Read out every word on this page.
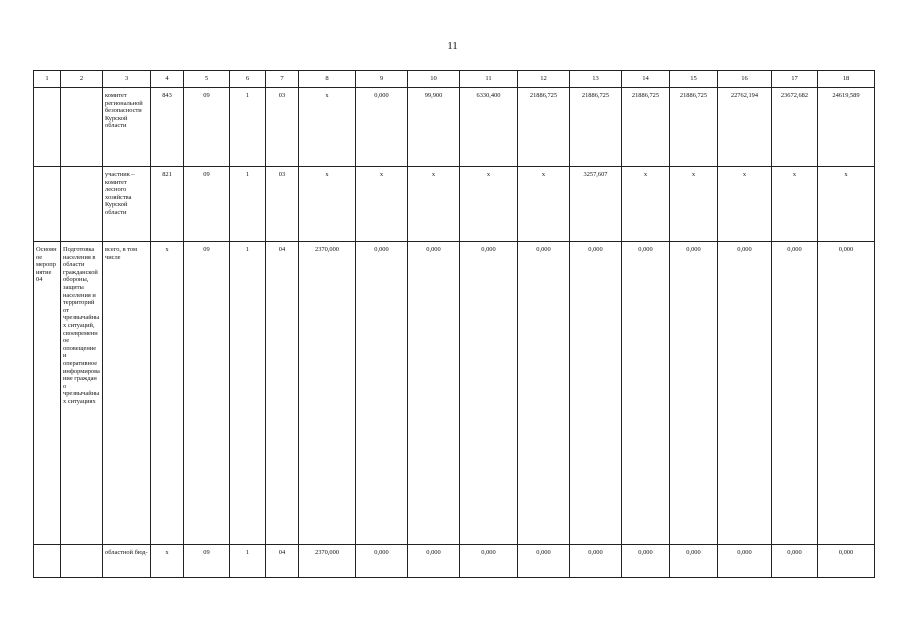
11
1	2	3	4	5	6	7	8	9	10	11	12	13	14	15	16	17	18
		комитет региональной безопасности Курской области	843	09	1	03	x	0,000	99,900	6330,400	21886,725	21886,725	21886,725	21886,725	22762,194	23672,682	24619,589
		участник – комитет лесного хозяйства Курской области	821	09	1	03	x	x	x	x	x	3257,607	x	x	x	x	x
Основное мероприятие 04	Подготовка населения в области гражданской обороны, защиты населения и территорий от чрезвычайных ситуаций, своевременное оповещение и оперативное информирование граждан о чрезвычайных ситуациях	всего, в том числе	x	09	1	04	2370,000	0,000	0,000	0,000	0,000	0,000	0,000	0,000	0,000	0,000	0,000
		областной бюд-	x	09	1	04	2370,000	0,000	0,000	0,000	0,000	0,000	0,000	0,000	0,000	0,000	0,000
